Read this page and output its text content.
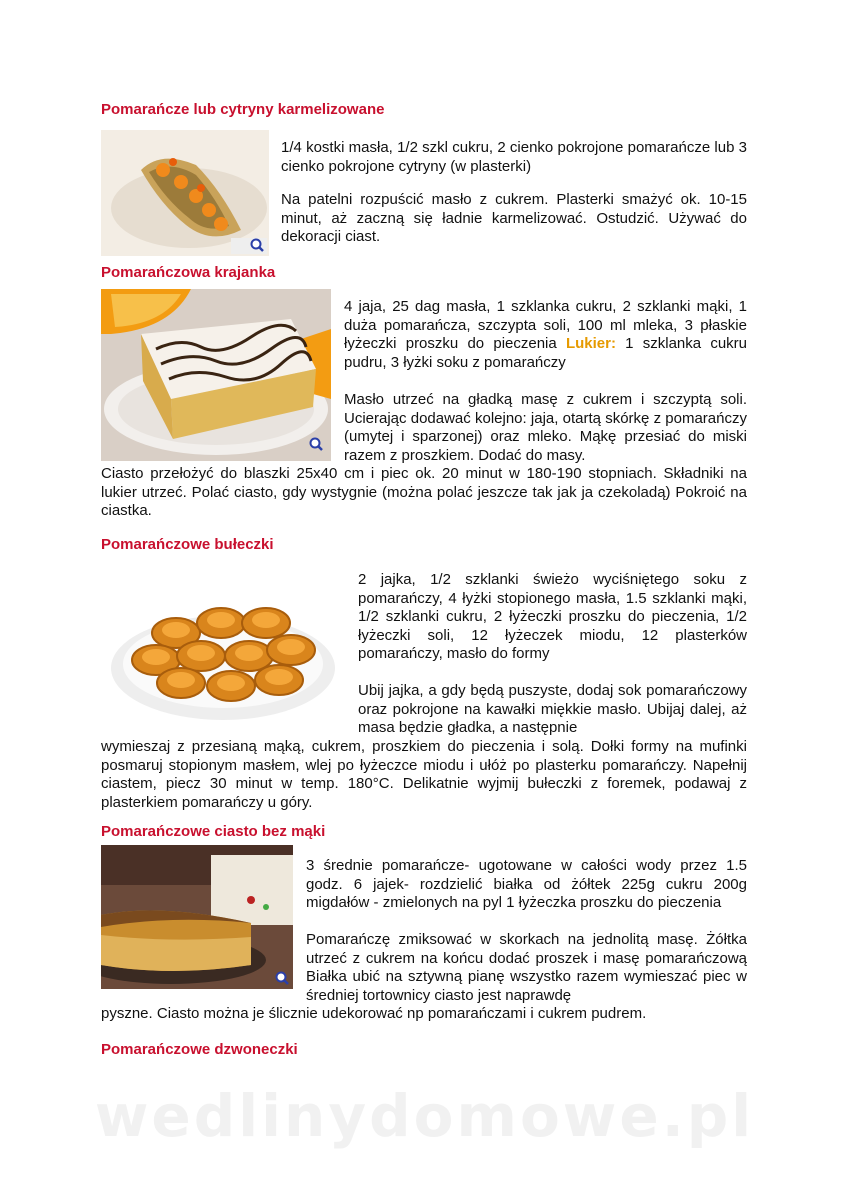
Pomarańcze lub cytryny karmelizowane

1/4 kostki masła, 1/2 szkl cukru, 2 cienko pokrojone pomarańcze lub 3 cienko pokrojone cytryny (w plasterki)

Na patelni rozpuścić masło z cukrem. Plasterki smażyć ok. 10-15 minut, aż zaczną się ładnie karmelizować. Ostudzić. Używać do dekoracji ciast.

Pomarańczowa krajanka

4 jaja, 25 dag masła, 1 szklanka cukru, 2 szklanki mąki, 1 duża pomarańcza, szczypta soli, 100 ml mleka, 3 płaskie łyżeczki proszku do pieczenia Lukier: 1 szklanka cukru pudru, 3 łyżki soku z pomarańczy

Masło utrzeć na gładką masę z cukrem i szczyptą soli. Ucierając dodawać kolejno: jaja, otartą skórkę z pomarańczy (umytej i sparzonej) oraz mleko. Mąkę przesiać do miski razem z proszkiem. Dodać do masy.

Ciasto przełożyć do blaszki 25x40 cm i piec ok. 20 minut w 180-190 stopniach. Składniki na lukier utrzeć. Polać ciasto, gdy wystygnie (można polać jeszcze tak jak ja czekoladą) Pokroić na ciastka.

Pomarańczowe bułeczki

2 jajka, 1/2 szklanki świeżo wyciśniętego soku z pomarańczy, 4 łyżki stopionego masła, 1.5 szklanki mąki, 1/2 szklanki cukru, 2 łyżeczki proszku do pieczenia, 1/2 łyżeczki soli, 12 łyżeczek miodu, 12 plasterków pomarańczy, masło do formy

Ubij jajka, a gdy będą puszyste, dodaj sok pomarańczowy oraz pokrojone na kawałki miękkie masło. Ubijaj dalej, aż masa będzie gładka, a następnie

wymieszaj z przesianą mąką, cukrem, proszkiem do pieczenia i solą. Dołki formy na mufinki posmaruj stopionym masłem, wlej po łyżeczce miodu i ułóż po plasterku pomarańczy. Napełnij ciastem, piecz 30 minut w temp. 180°C. Delikatnie wyjmij bułeczki z foremek, podawaj z plasterkiem pomarańczy u góry.

Pomarańczowe ciasto bez mąki

3 średnie pomarańcze- ugotowane w całości wody przez 1.5 godz. 6 jajek- rozdzielić białka od żółtek 225g cukru 200g migdałów - zmielonych na pyl 1 łyżeczka proszku do pieczenia

Pomarańczę zmiksować w skorkach na jednolitą masę. Żółtka utrzeć z cukrem na końcu dodać proszek i masę pomarańczową Białka ubić na sztywną pianę wszystko razem wymieszać piec w średniej tortownicy ciasto jest naprawdę

pyszne. Ciasto można je ślicznie udekorować np pomarańczami i cukrem pudrem.

Pomarańczowe dzwoneczki
wedlinydomowe.pl
